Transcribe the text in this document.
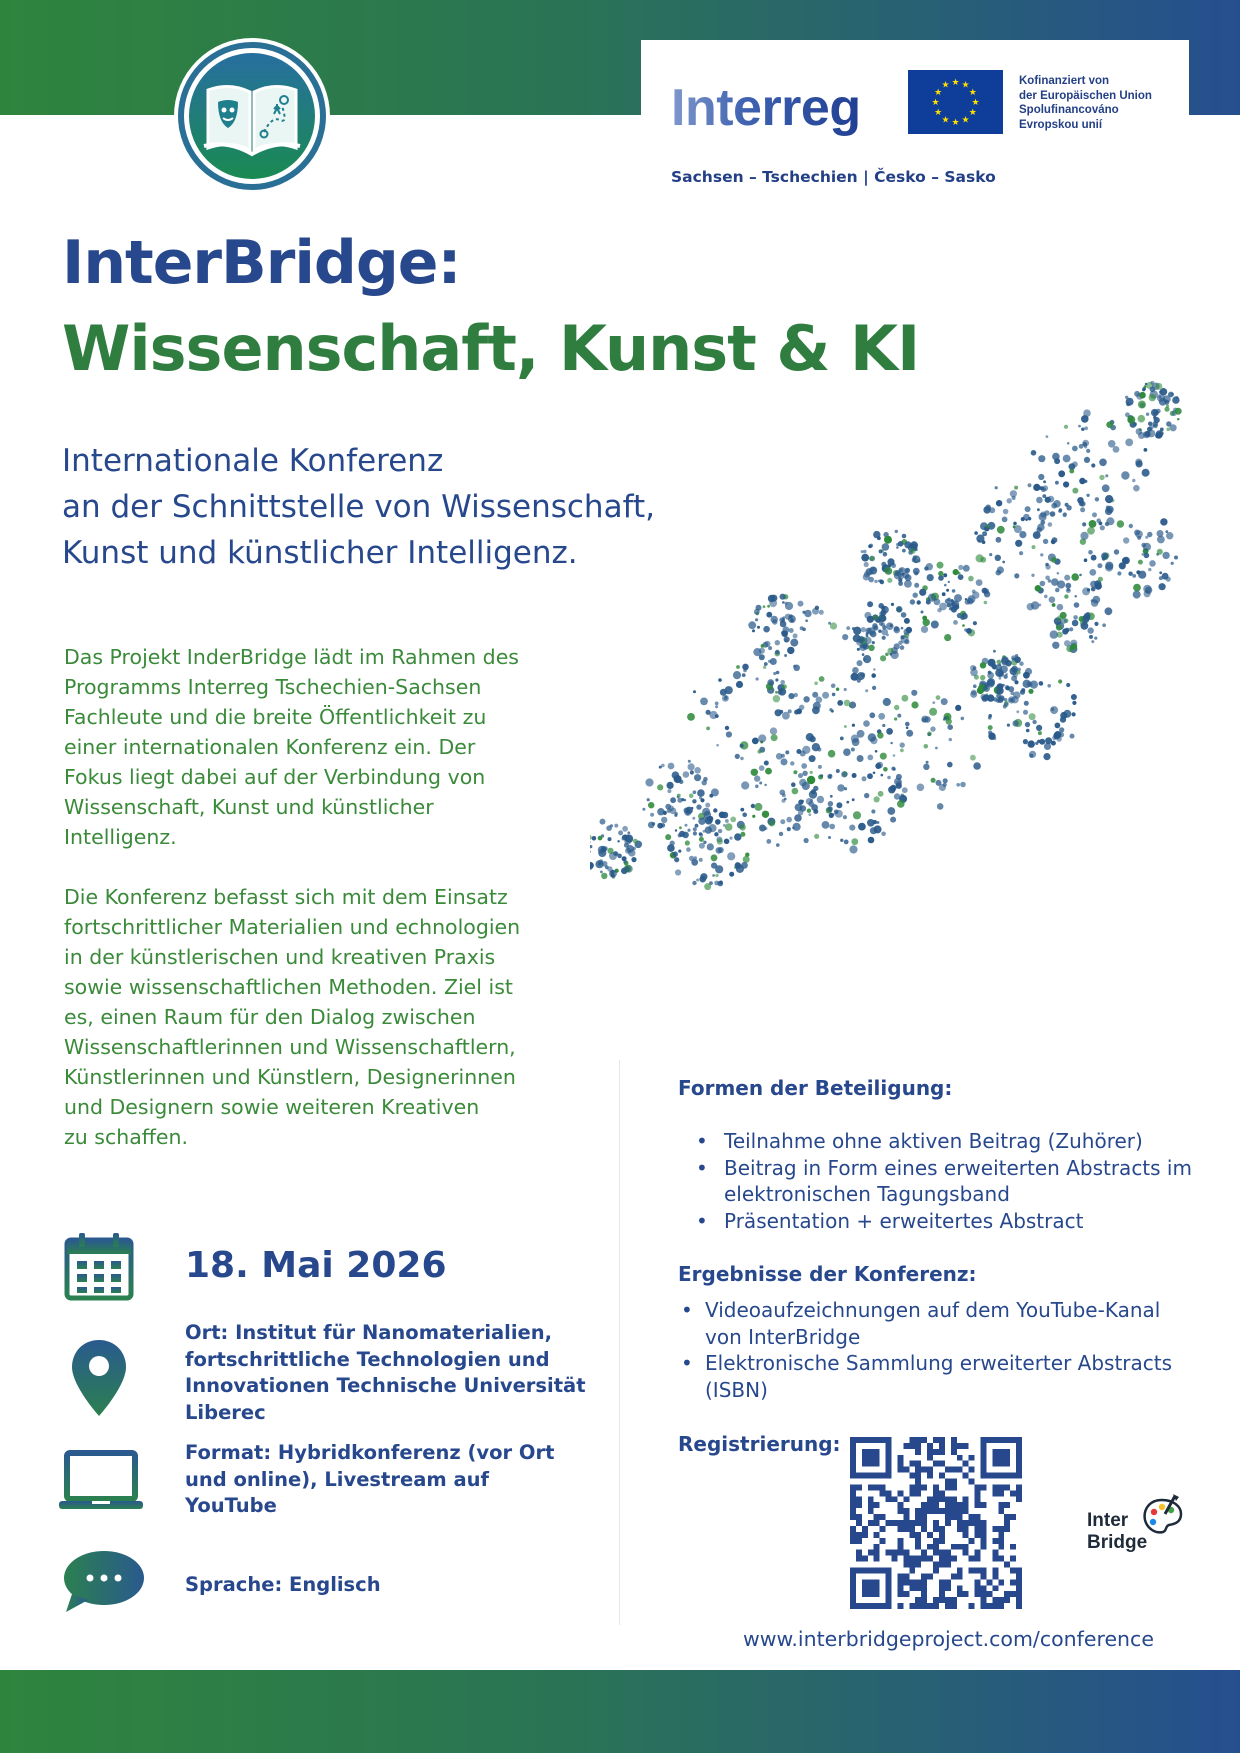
Interreg	★
★
★
★
★
★
★
★
★ ★ ★
★
Kofinanziert von
der Europäischen Union
Spolufinancováno
Evropskou unií
Sachsen – Tschechien | Česko – Sasko
InterBridge:
Wissenschaft, Kunst & KI
Internationale Konferenz
an der Schnittstelle von Wissenschaft,
Kunst und künstlicher Intelligenz.
Das Projekt InderBridge lädt im Rahmen des
Programms Interreg Tschechien-Sachsen
Fachleute und die breite Öffentlichkeit zu
einer internationalen Konferenz ein. Der
Fokus liegt dabei auf der Verbindung von
Wissenschaft, Kunst und künstlicher
Intelligenz.
Die Konferenz befasst sich mit dem Einsatz
fortschrittlicher Materialien und echnologien
in der künstlerischen und kreativen Praxis
sowie wissenschaftlichen Methoden. Ziel ist
es, einen Raum für den Dialog zwischen
Wissenschaftlerinnen und Wissenschaftlern,
Künstlerinnen und Künstlern, Designerinnen
und Designern sowie weiteren Kreativen
zu schaffen.
18. Mai 2026
Ort: Institut für Nanomaterialien,
fortschrittliche Technologien und
Innovationen Technische Universität
Liberec
Format: Hybridkonferenz (vor Ort
und online), Livestream auf
YouTube
Sprache: Englisch
Formen der Beteiligung:
• Teilnahme ohne aktiven Beitrag (Zuhörer)
• Beitrag in Form eines erweiterten Abstracts im
elektronischen Tagungsband
• Präsentation + erweitertes Abstract
Ergebnisse der Konferenz:
• Videoaufzeichnungen auf dem YouTube-Kanal
von InterBridge
• Elektronische Sammlung erweiterter Abstracts
(ISBN)
Registrierung:
Inter
Bridge
www.interbridgeproject.com/conference
